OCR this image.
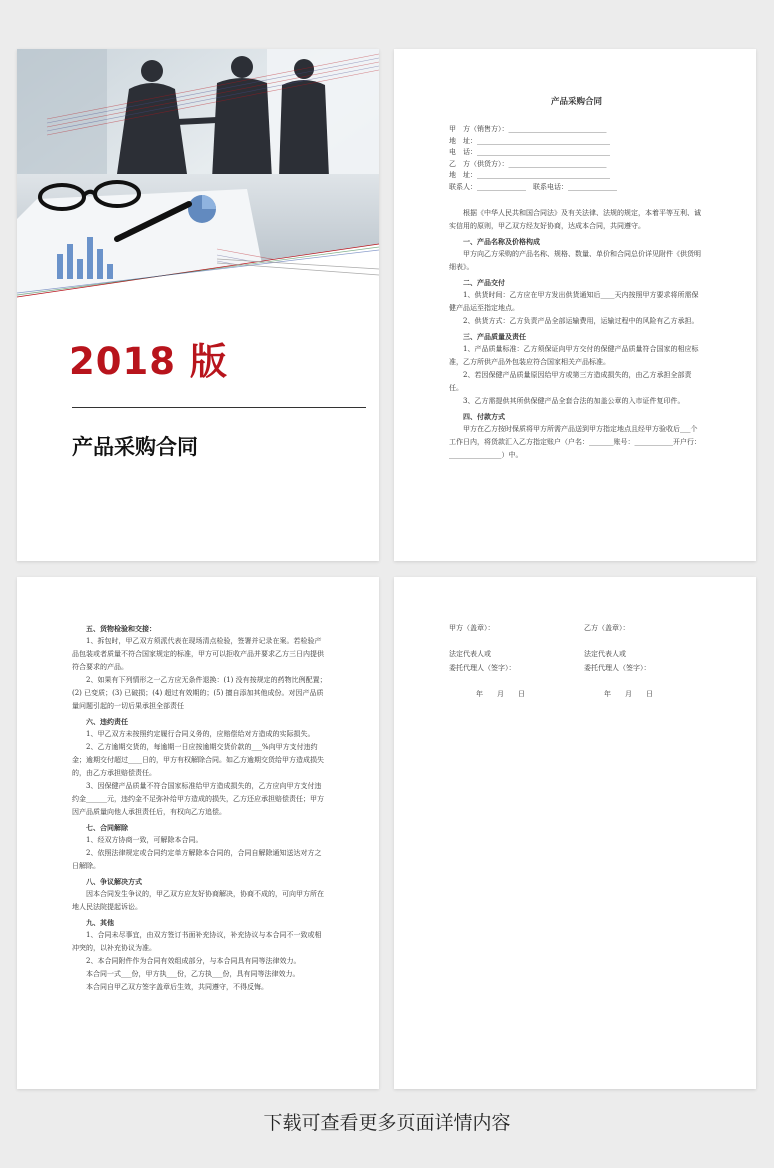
2018 版
产品采购合同

产品采购合同

甲　方（销售方）：____________________________

地　址：______________________________________

电　话：______________________________________

乙　方（供货方）：____________________________

地　址：______________________________________

联系人：______________　联系电话：______________

根据《中华人民共和国合同法》及有关法律、法规的规定，本着平等互利、诚实信用的原则，甲乙双方经友好协商，达成本合同，共同遵守。

一、产品名称及价格构成

甲方向乙方采购的产品名称、规格、数量、单价和合同总价详见附件《供货明细表》。

二、产品交付

1、供货时间：乙方应在甲方发出供货通知后____天内按照甲方要求将所需保健产品运至指定地点。

2、供货方式：乙方负责产品全部运输费用，运输过程中的风险有乙方承担。

三、产品质量及责任

1、产品质量标准：乙方须保证向甲方交付的保健产品质量符合国家的相应标准，乙方所供产品外包装应符合国家相关产品标准。

2、若因保健产品质量原因给甲方或第三方造成损失的，由乙方承担全部责任。

3、乙方需提供其所供保健产品全套合法的加盖公章的入市证件复印件。

四、付款方式

甲方在乙方按时保质将甲方所需产品送到甲方指定地点且经甲方验收后___个工作日内，将货款汇入乙方指定账户（户名：_______账号：___________开户行：_______________）中。

五、货物检验和交接：

1、拆包时，甲乙双方须派代表在现场清点检验，签署并记录在案。若检验产品包装或者质量不符合国家规定的标准，甲方可以拒收产品并要求乙方三日内提供符合要求的产品。

2、如果有下列情形之一乙方应无条件退换：(1) 没有按规定的药物比例配置；(2) 已变质；(3) 已破损；(4) 超过有效期的；(5) 擅自添加其他成份。对因产品质量问题引起的一切后果承担全部责任

六、违约责任

1、甲乙双方未按照约定履行合同义务的，应赔偿给对方造成的实际损失。

2、乙方逾期交货的，每逾期一日应按逾期交货价款的___%向甲方支付违约金；逾期交付超过____日的，甲方有权解除合同。如乙方逾期交货给甲方造成损失的，由乙方承担赔偿责任。

3、因保健产品质量不符合国家标准给甲方造成损失的，乙方应向甲方支付违约金______元，违约金不足弥补给甲方造成的损失，乙方还应承担赔偿责任；甲方因产品质量向他人承担责任后，有权向乙方追偿。

七、合同解除

1、经双方协商一致，可解除本合同。

2、依照法律规定或合同约定单方解除本合同的，合同自解除通知送达对方之日解除。

八、争议解决方式

因本合同发生争议的，甲乙双方应友好协商解决，协商不成的，可向甲方所在地人民法院提起诉讼。

九、其他

1、合同未尽事宜，由双方签订书面补充协议，补充协议与本合同不一致或相冲突的，以补充协议为准。

2、本合同附件作为合同有效组成部分，与本合同具有同等法律效力。

本合同一式___份，甲方执___份，乙方执___份，具有同等法律效力。

本合同自甲乙双方签字盖章后生效，共同遵守，不得反悔。

甲方（盖章）：
法定代表人或
委托代理人（签字）：
年　　月　　日
乙方（盖章）：
法定代表人或
委托代理人（签字）：
年　　月　　日
下载可查看更多页面详情内容
